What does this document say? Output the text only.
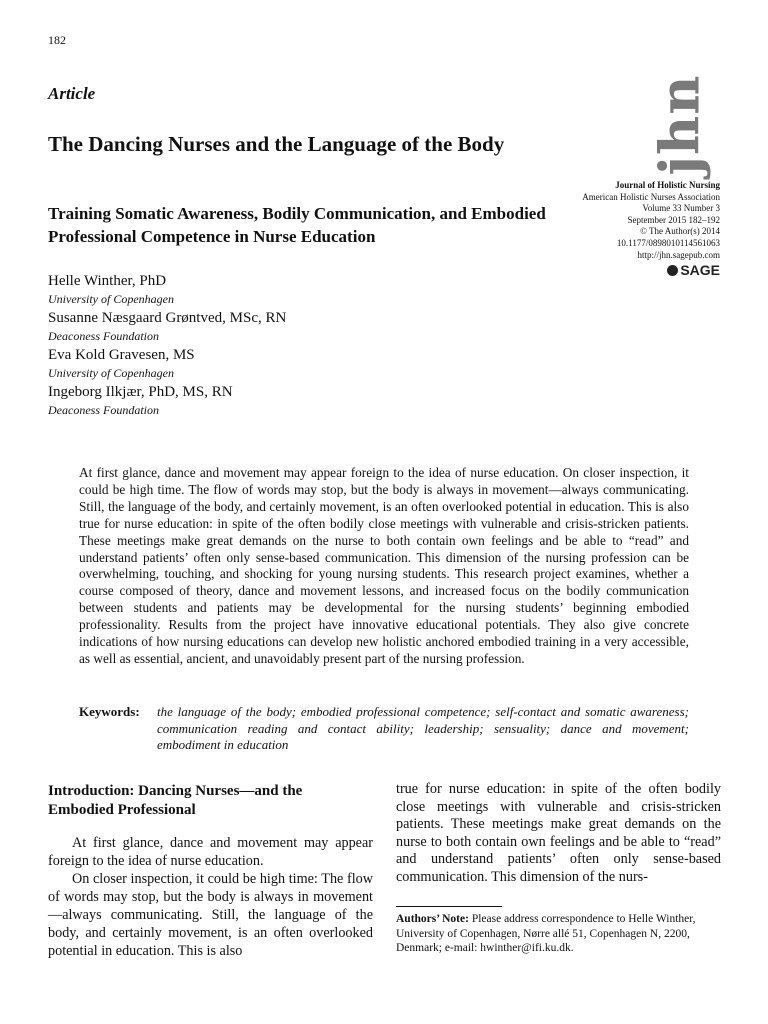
182
Article
The Dancing Nurses and the Language of the Body
Training Somatic Awareness, Bodily Communication, and Embodied Professional Competence in Nurse Education
jhn
Journal of Holistic Nursing
American Holistic Nurses Association
Volume 33 Number 3
September 2015 182–192
© The Author(s) 2014
10.1177/0898010114561063
http://jhn.sagepub.com
SAGE
Helle Winther, PhD
University of Copenhagen
Susanne Næsgaard Grøntved, MSc, RN
Deaconess Foundation
Eva Kold Gravesen, MS
University of Copenhagen
Ingeborg Ilkjær, PhD, MS, RN
Deaconess Foundation
At first glance, dance and movement may appear foreign to the idea of nurse education. On closer inspection, it could be high time. The flow of words may stop, but the body is always in movement—always communicating. Still, the language of the body, and certainly movement, is an often overlooked potential in education. This is also true for nurse education: in spite of the often bodily close meetings with vulnerable and crisis-stricken patients. These meetings make great demands on the nurse to both contain own feelings and be able to “read” and understand patients’ often only sense-based communication. This dimension of the nursing profession can be overwhelming, touching, and shocking for young nursing students. This research project examines, whether a course composed of theory, dance and movement lessons, and increased focus on the bodily communication between students and patients may be developmental for the nursing students’ beginning embodied professionality. Results from the project have innovative educational potentials. They also give concrete indications of how nursing educations can develop new holistic anchored embodied training in a very accessible, as well as essential, ancient, and unavoidably present part of the nursing profession.
Keywords:	the language of the body; embodied professional competence; self-contact and somatic awareness; communication reading and contact ability; leadership; sensuality; dance and movement; embodiment in education
Introduction: Dancing Nurses—and the Embodied Professional

At first glance, dance and movement may appear foreign to the idea of nurse education.

On closer inspection, it could be high time: The flow of words may stop, but the body is always in movement—always communicating. Still, the language of the body, and certainly movement, is an often overlooked potential in education. This is also

true for nurse education: in spite of the often bodily close meetings with vulnerable and crisis-stricken patients. These meetings make great demands on the nurse to both contain own feelings and be able to “read” and understand patients’ often only sense-based communication. This dimension of the nurs-

Authors’ Note: Please address correspondence to Helle Winther, University of Copenhagen, Nørre allé 51, Copenhagen N, 2200, Denmark; e-mail: hwinther@ifi.ku.dk.
